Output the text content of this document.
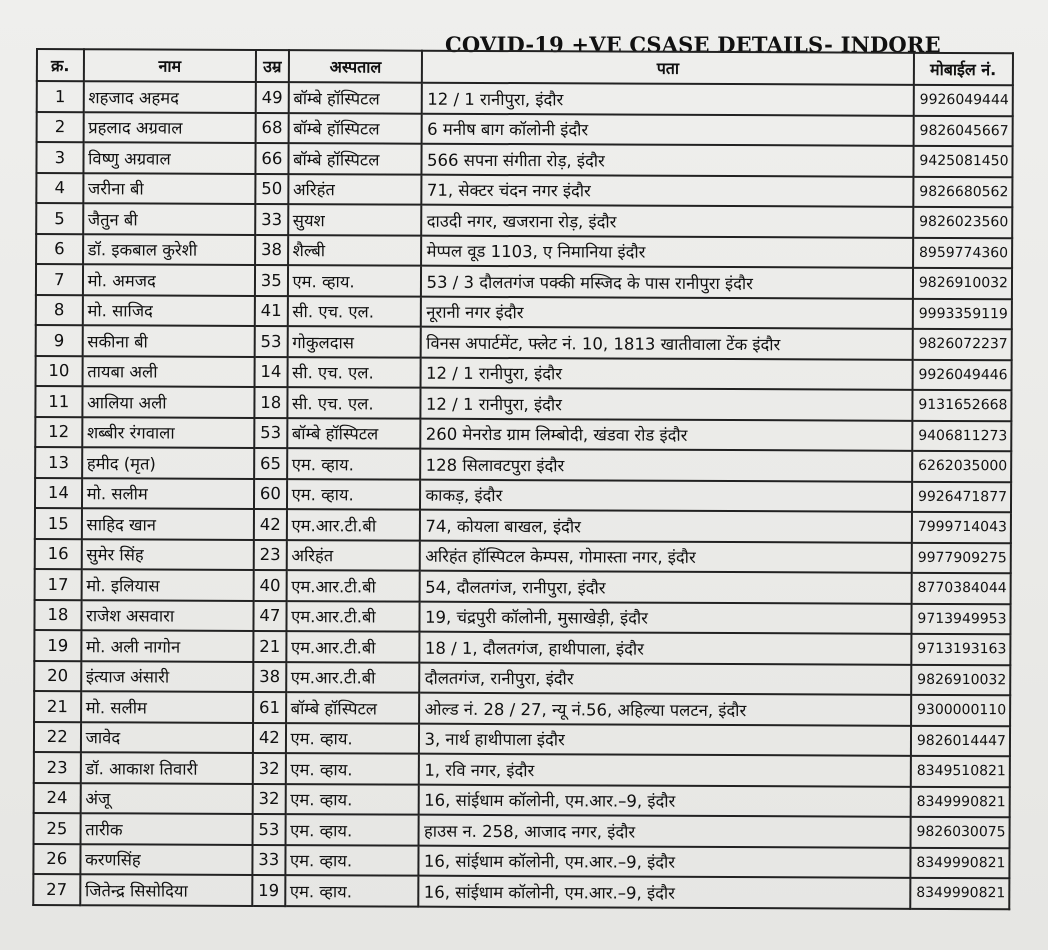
COVID-19 +VE CSASE DETAILS- INDORE
क्र.	नाम	उम्र	अस्पताल	पता	मोबाईल नं.
1	शहजाद अहमद	49	बॉम्बे हॉस्पिटल	12 / 1 रानीपुरा, इंदौर	9926049444
2	प्रहलाद अग्रवाल	68	बॉम्बे हॉस्पिटल	6 मनीष बाग कॉलोनी इंदौर	9826045667
3	विष्णु अग्रवाल	66	बॉम्बे हॉस्पिटल	566 सपना संगीता रोड़, इंदौर	9425081450
4	जरीना बी	50	अरिहंत	71, सेक्टर चंदन नगर इंदौर	9826680562
5	जैतुन बी	33	सुयश	दाउदी नगर, खजराना रोड़, इंदौर	9826023560
6	डॉ. इकबाल कुरेशी	38	शैल्बी	मेप्पल वूड 1103, ए निमानिया इंदौर	8959774360
7	मो. अमजद	35	एम. व्हाय.	53 / 3 दौलतगंज पक्की मस्जिद के पास रानीपुरा इंदौर	9826910032
8	मो. साजिद	41	सी. एच. एल.	नूरानी नगर इंदौर	9993359119
9	सकीना बी	53	गोकुलदास	विनस अपार्टमेंट, फ्लेट नं. 10, 1813 खातीवाला टेंक इंदौर	9826072237
10	तायबा अली	14	सी. एच. एल.	12 / 1 रानीपुरा, इंदौर	9926049446
11	आलिया अली	18	सी. एच. एल.	12 / 1 रानीपुरा, इंदौर	9131652668
12	शब्बीर रंगवाला	53	बॉम्बे हॉस्पिटल	260 मेनरोड ग्राम लिम्बोदी, खंडवा रोड इंदौर	9406811273
13	हमीद (मृत)	65	एम. व्हाय.	128 सिलावटपुरा इंदौर	6262035000
14	मो. सलीम	60	एम. व्हाय.	काकड़, इंदौर	9926471877
15	साहिद खान	42	एम.आर.टी.बी	74, कोयला बाखल, इंदौर	7999714043
16	सुमेर सिंह	23	अरिहंत	अरिहंत हॉस्पिटल केम्पस, गोमास्ता नगर, इंदौर	9977909275
17	मो. इलियास	40	एम.आर.टी.बी	54, दौलतगंज, रानीपुरा, इंदौर	8770384044
18	राजेश असवारा	47	एम.आर.टी.बी	19, चंद्रपुरी कॉलोनी, मुसाखेड़ी, इंदौर	9713949953
19	मो. अली नागोन	21	एम.आर.टी.बी	18 / 1, दौलतगंज, हाथीपाला, इंदौर	9713193163
20	इंत्याज अंसारी	38	एम.आर.टी.बी	दौलतगंज, रानीपुरा, इंदौर	9826910032
21	मो. सलीम	61	बॉम्बे हॉस्पिटल	ओल्ड नं. 28 / 27, न्यू नं.56, अहिल्या पलटन, इंदौर	9300000110
22	जावेद	42	एम. व्हाय.	3, नार्थ हाथीपाला इंदौर	9826014447
23	डॉ. आकाश तिवारी	32	एम. व्हाय.	1, रवि नगर, इंदौर	8349510821
24	अंजू	32	एम. व्हाय.	16, सांईधाम कॉलोनी, एम.आर.–9, इंदौर	8349990821
25	तारीक	53	एम. व्हाय.	हाउस न. 258, आजाद नगर, इंदौर	9826030075
26	करणसिंह	33	एम. व्हाय.	16, सांईधाम कॉलोनी, एम.आर.–9, इंदौर	8349990821
27	जितेन्द्र सिसोदिया	19	एम. व्हाय.	16, सांईधाम कॉलोनी, एम.आर.–9, इंदौर	8349990821
